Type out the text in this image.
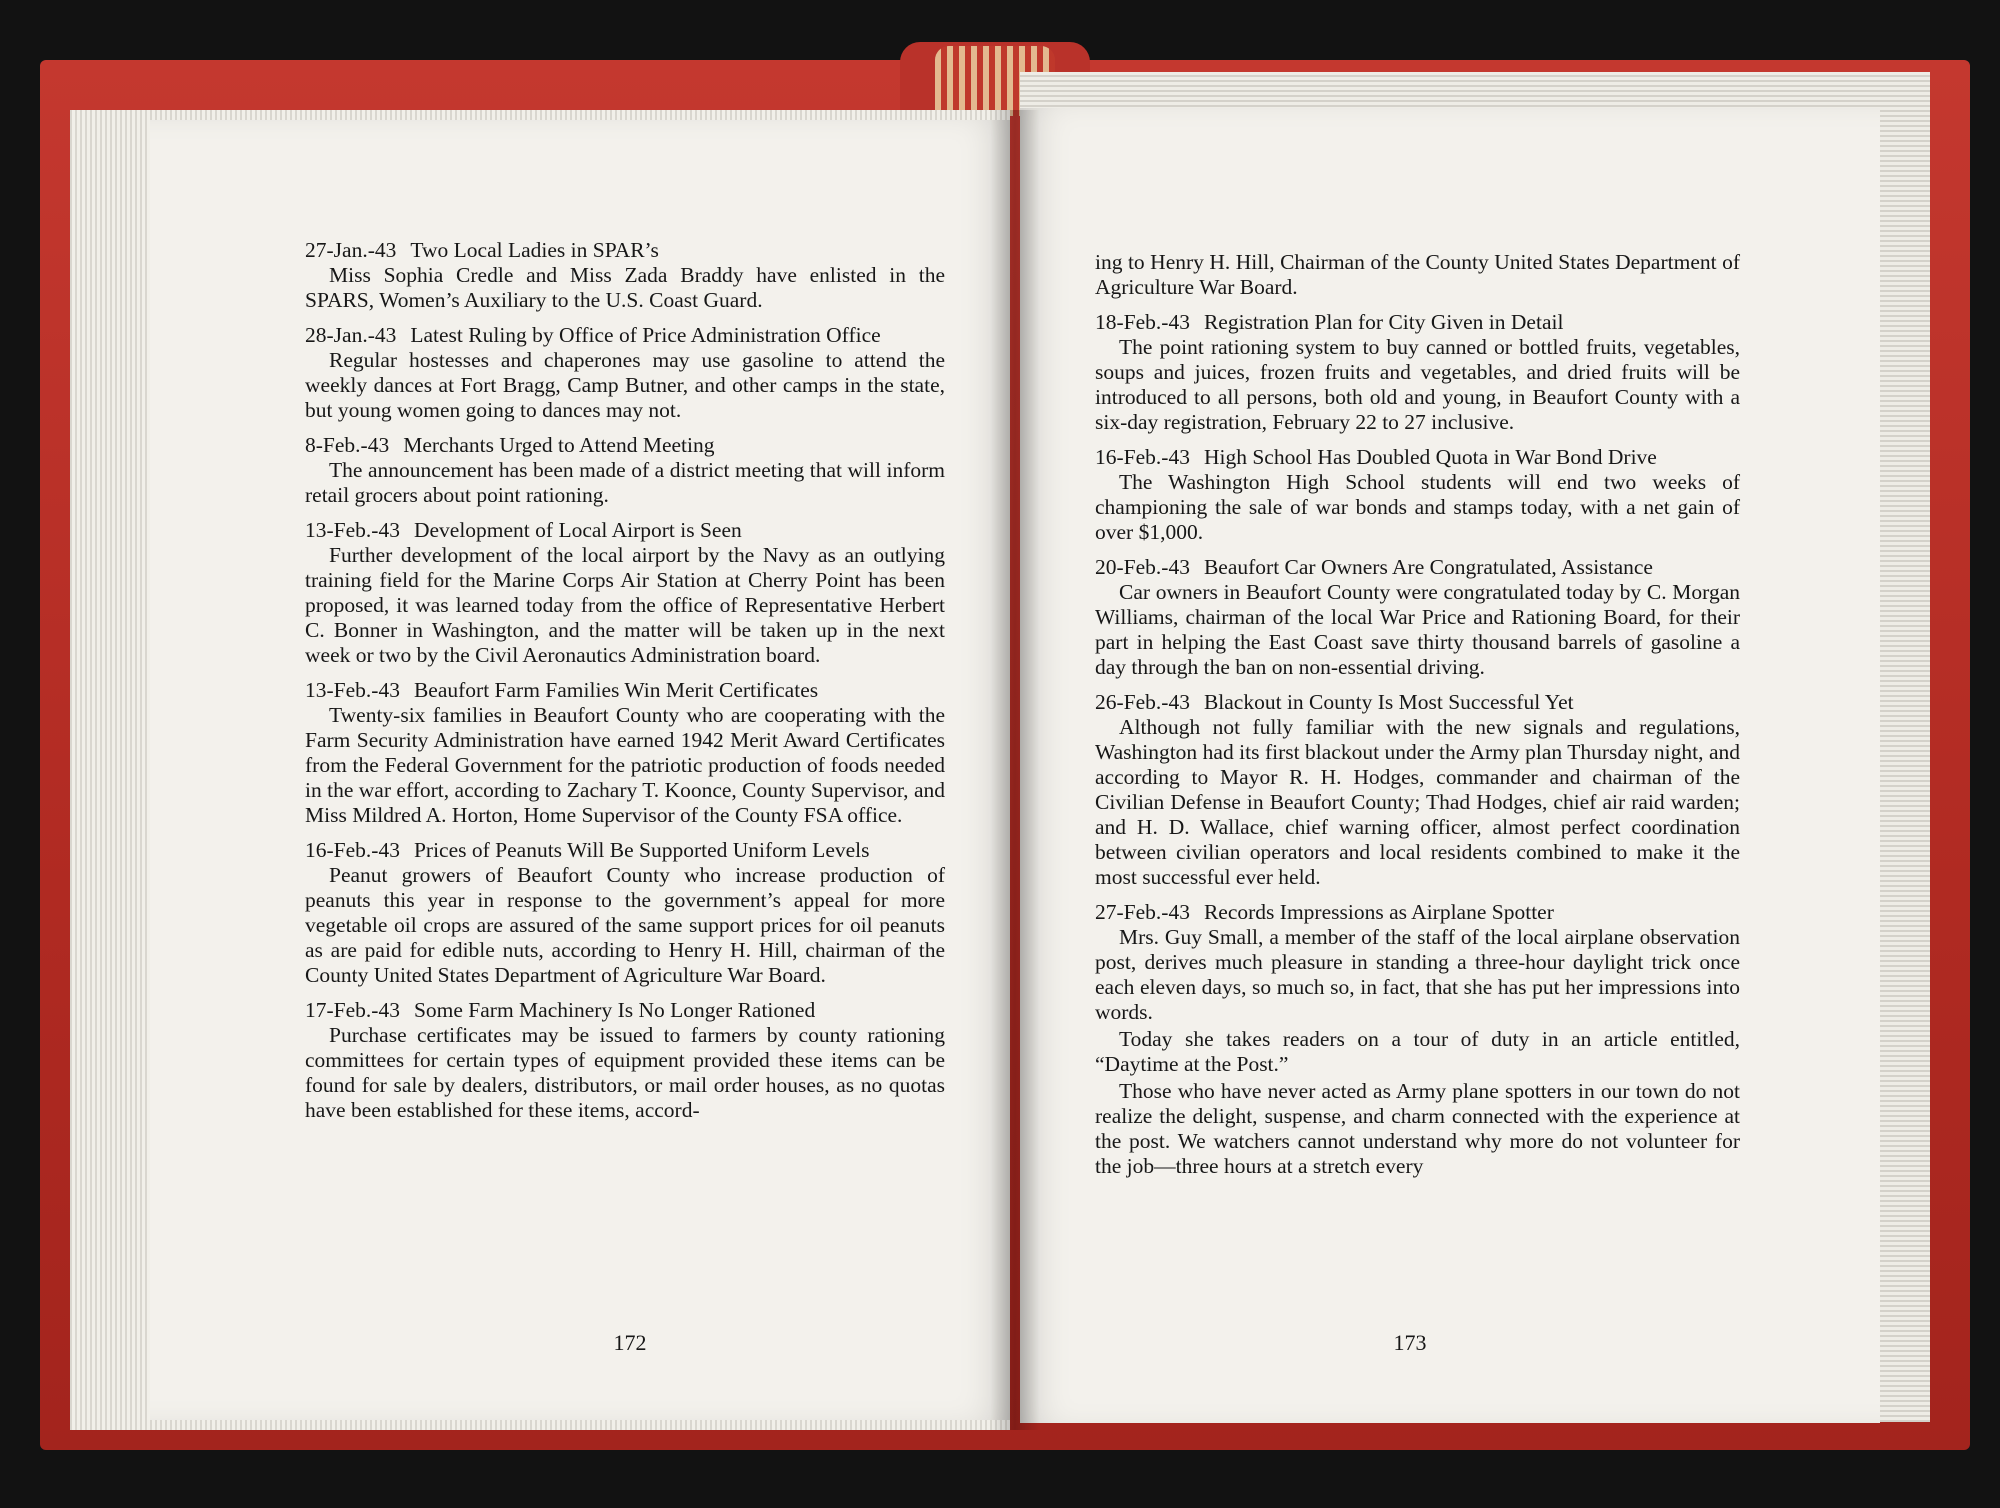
27-Jan.-43 Two Local Ladies in SPAR’s
Miss Sophia Credle and Miss Zada Braddy have enlisted in the SPARS, Women’s Auxiliary to the U.S. Coast Guard.
28-Jan.-43 Latest Ruling by Office of Price Administration Office
Regular hostesses and chaperones may use gasoline to attend the weekly dances at Fort Bragg, Camp Butner, and other camps in the state, but young women going to dances may not.
8-Feb.-43 Merchants Urged to Attend Meeting
The announcement has been made of a district meeting that will inform retail grocers about point rationing.
13-Feb.-43 Development of Local Airport is Seen
Further development of the local airport by the Navy as an outlying training field for the Marine Corps Air Station at Cherry Point has been proposed, it was learned today from the office of Representative Herbert C. Bonner in Washington, and the matter will be taken up in the next week or two by the Civil Aeronautics Administration board.
13-Feb.-43 Beaufort Farm Families Win Merit Certificates
Twenty-six families in Beaufort County who are cooperating with the Farm Security Administration have earned 1942 Merit Award Certificates from the Federal Government for the patriotic production of foods needed in the war effort, according to Zachary T. Koonce, County Supervisor, and Miss Mildred A. Horton, Home Supervisor of the County FSA office.
16-Feb.-43 Prices of Peanuts Will Be Supported Uniform Levels
Peanut growers of Beaufort County who increase production of peanuts this year in response to the government’s appeal for more vegetable oil crops are assured of the same support prices for oil peanuts as are paid for edible nuts, according to Henry H. Hill, chairman of the County United States Department of Agriculture War Board.
17-Feb.-43 Some Farm Machinery Is No Longer Rationed
Purchase certificates may be issued to farmers by county rationing committees for certain types of equipment provided these items can be found for sale by dealers, distributors, or mail order houses, as no quotas have been established for these items, accord-
172
ing to Henry H. Hill, Chairman of the County United States Department of Agriculture War Board.
18-Feb.-43 Registration Plan for City Given in Detail
The point rationing system to buy canned or bottled fruits, vegetables, soups and juices, frozen fruits and vegetables, and dried fruits will be introduced to all persons, both old and young, in Beaufort County with a six-day registration, February 22 to 27 inclusive.
16-Feb.-43 High School Has Doubled Quota in War Bond Drive
The Washington High School students will end two weeks of championing the sale of war bonds and stamps today, with a net gain of over $1,000.
20-Feb.-43 Beaufort Car Owners Are Congratulated, Assistance
Car owners in Beaufort County were congratulated today by C. Morgan Williams, chairman of the local War Price and Rationing Board, for their part in helping the East Coast save thirty thousand barrels of gasoline a day through the ban on non-essential driving.
26-Feb.-43 Blackout in County Is Most Successful Yet
Although not fully familiar with the new signals and regulations, Washington had its first blackout under the Army plan Thursday night, and according to Mayor R. H. Hodges, commander and chairman of the Civilian Defense in Beaufort County; Thad Hodges, chief air raid warden; and H. D. Wallace, chief warning officer, almost perfect coordination between civilian operators and local residents combined to make it the most successful ever held.
27-Feb.-43 Records Impressions as Airplane Spotter
Mrs. Guy Small, a member of the staff of the local airplane observation post, derives much pleasure in standing a three-hour daylight trick once each eleven days, so much so, in fact, that she has put her impressions into words.
Today she takes readers on a tour of duty in an article entitled, “Daytime at the Post.”
Those who have never acted as Army plane spotters in our town do not realize the delight, suspense, and charm connected with the experience at the post. We watchers cannot understand why more do not volunteer for the job—three hours at a stretch every
173
